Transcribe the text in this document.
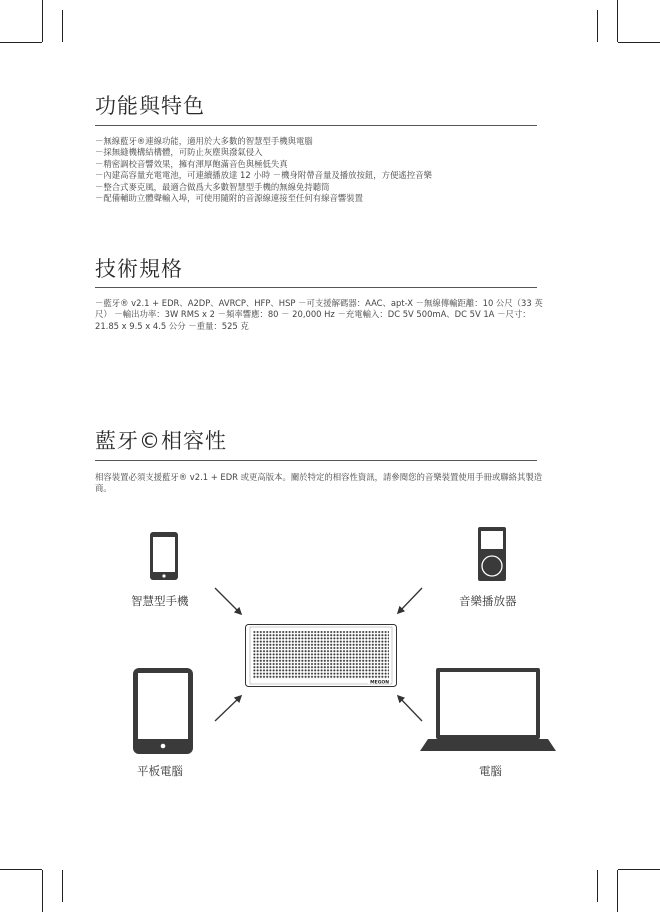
功能與特色
－無線藍牙®連線功能，適用於大多數的智慧型手機與電腦
－採無縫機構結構體，可防止灰塵與潑氣侵入
－精密調校音響效果，擁有渾厚飽滿音色與極低失真
－內建高容量充電電池，可連續播放達 12 小時 －機身附帶音量及播放按鈕，方便遙控音樂
－整合式麥克風，最適合做爲大多數智慧型手機的無線免持聽筒
－配備輔助立體聲輸入埠，可使用隨附的音源線連接至任何有線音響裝置
技術規格

－藍牙® v2.1 + EDR、A2DP、AVRCP、HFP、HSP －可支援解碼器：AAC、apt-X －無線傳輸距離：10 公尺（33 英尺） －輸出功率：3W RMS x 2 －頻率響應：80 － 20,000 Hz －充電輸入：DC 5V 500mA、DC 5V 1A －尺寸：21.85 x 9.5 x 4.5 公分 －重量：525 克

藍牙©相容性

相容裝置必須支援藍牙® v2.1 + EDR 或更高版本。關於特定的相容性資訊，請參閱您的音樂裝置使用手冊或聯絡其製造商。

MEGON
智慧型手機	音樂播放器
平板電腦	電腦
